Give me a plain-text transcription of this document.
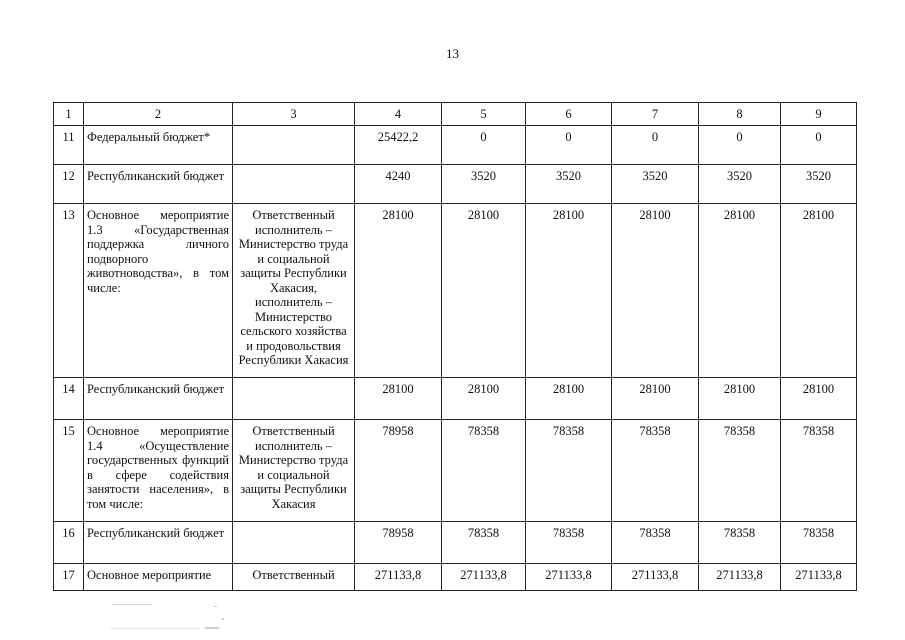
13
1	2	3	4	5	6	7	8	9
11	Федеральный бюджет*		25422,2	0	0	0	0	0
12	Республиканский бюджет		4240	3520	3520	3520	3520	3520
13	Основное мероприятие 1.3 «Государственная поддержка личного подворного животноводства», в том числе:	Ответственный исполнитель – Министерство труда и социальной защиты Республики Хакасия, исполнитель – Министерство сельского хозяйства и продовольствия Республики Хакасия	28100	28100	28100	28100	28100	28100
14	Республиканский бюджет		28100	28100	28100	28100	28100	28100
15	Основное мероприятие 1.4 «Осуществление государственных функций в сфере содействия занятости населения», в том числе:	Ответственный исполнитель – Министерство труда и социальной защиты Республики Хакасия	78958	78358	78358	78358	78358	78358
16	Республиканский бюджет		78958	78358	78358	78358	78358	78358
17	Основное мероприятие	Ответственный	271133,8	271133,8	271133,8	271133,8	271133,8	271133,8
